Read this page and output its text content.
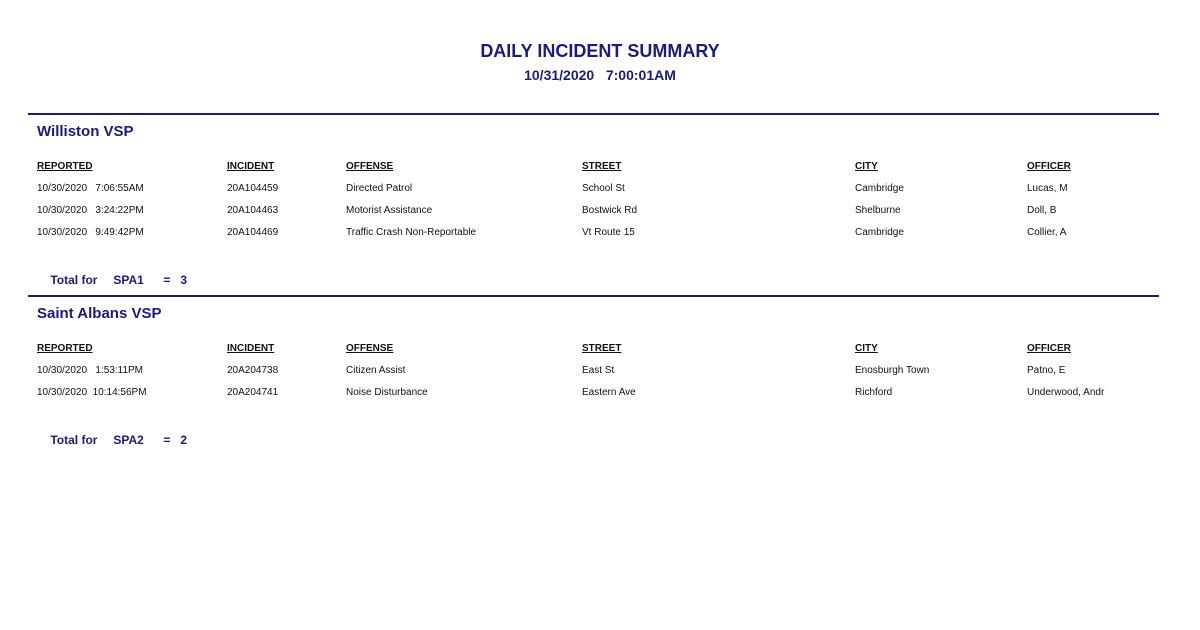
DAILY INCIDENT SUMMARY
10/31/2020   7:00:01AM
Williston VSP
REPORTED	INCIDENT	OFFENSE	STREET	CITY	OFFICER
10/30/2020   7:06:55AM	20A104459	Directed Patrol	School St	Cambridge	Lucas, M
10/30/2020   3:24:22PM	20A104463	Motorist Assistance	Bostwick Rd	Shelburne	Doll, B
10/30/2020   9:49:42PM	20A104469	Traffic Crash Non-Reportable	Vt Route 15	Cambridge	Collier, A

Total for SPA1 = 3

Saint Albans VSP
REPORTED	INCIDENT	OFFENSE	STREET	CITY	OFFICER
10/30/2020   1:53:11PM	20A204738	Citizen Assist	East St	Enosburgh Town	Patno, E
10/30/2020  10:14:56PM	20A204741	Noise Disturbance	Eastern Ave	Richford	Underwood, Andr

Total for SPA2 = 2
